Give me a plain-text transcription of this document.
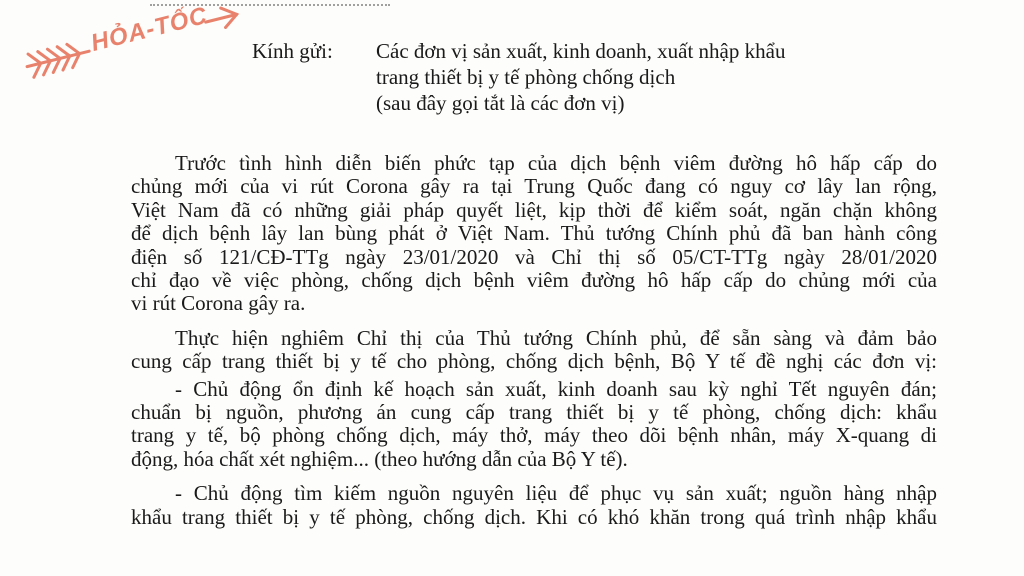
HỎA-TỐC Kính gửi: Các đơn vị sản xuất, kinh doanh, xuất nhập khẩu
trang thiết bị y tế phòng chống dịch
(sau đây gọi tắt là các đơn vị)
Trước tình hình diễn biến phức tạp của dịch bệnh viêm đường hô hấp cấp do
chủng mới của vi rút Corona gây ra tại Trung Quốc đang có nguy cơ lây lan rộng,
Việt Nam đã có những giải pháp quyết liệt, kịp thời để kiểm soát, ngăn chặn không
để dịch bệnh lây lan bùng phát ở Việt Nam. Thủ tướng Chính phủ đã ban hành công
điện số 121/CĐ-TTg ngày 23/01/2020 và Chỉ thị số 05/CT-TTg ngày 28/01/2020
chỉ đạo về việc phòng, chống dịch bệnh viêm đường hô hấp cấp do chủng mới của
vi rút Corona gây ra.
Thực hiện nghiêm Chỉ thị của Thủ tướng Chính phủ, để sẵn sàng và đảm bảo
cung cấp trang thiết bị y tế cho phòng, chống dịch bệnh, Bộ Y tế đề nghị các đơn vị:
- Chủ động ổn định kế hoạch sản xuất, kinh doanh sau kỳ nghỉ Tết nguyên đán;
chuẩn bị nguồn, phương án cung cấp trang thiết bị y tế phòng, chống dịch: khẩu
trang y tế, bộ phòng chống dịch, máy thở, máy theo dõi bệnh nhân, máy X-quang di
động, hóa chất xét nghiệm... (theo hướng dẫn của Bộ Y tế).
- Chủ động tìm kiếm nguồn nguyên liệu để phục vụ sản xuất; nguồn hàng nhập
khẩu trang thiết bị y tế phòng, chống dịch. Khi có khó khăn trong quá trình nhập khẩu
